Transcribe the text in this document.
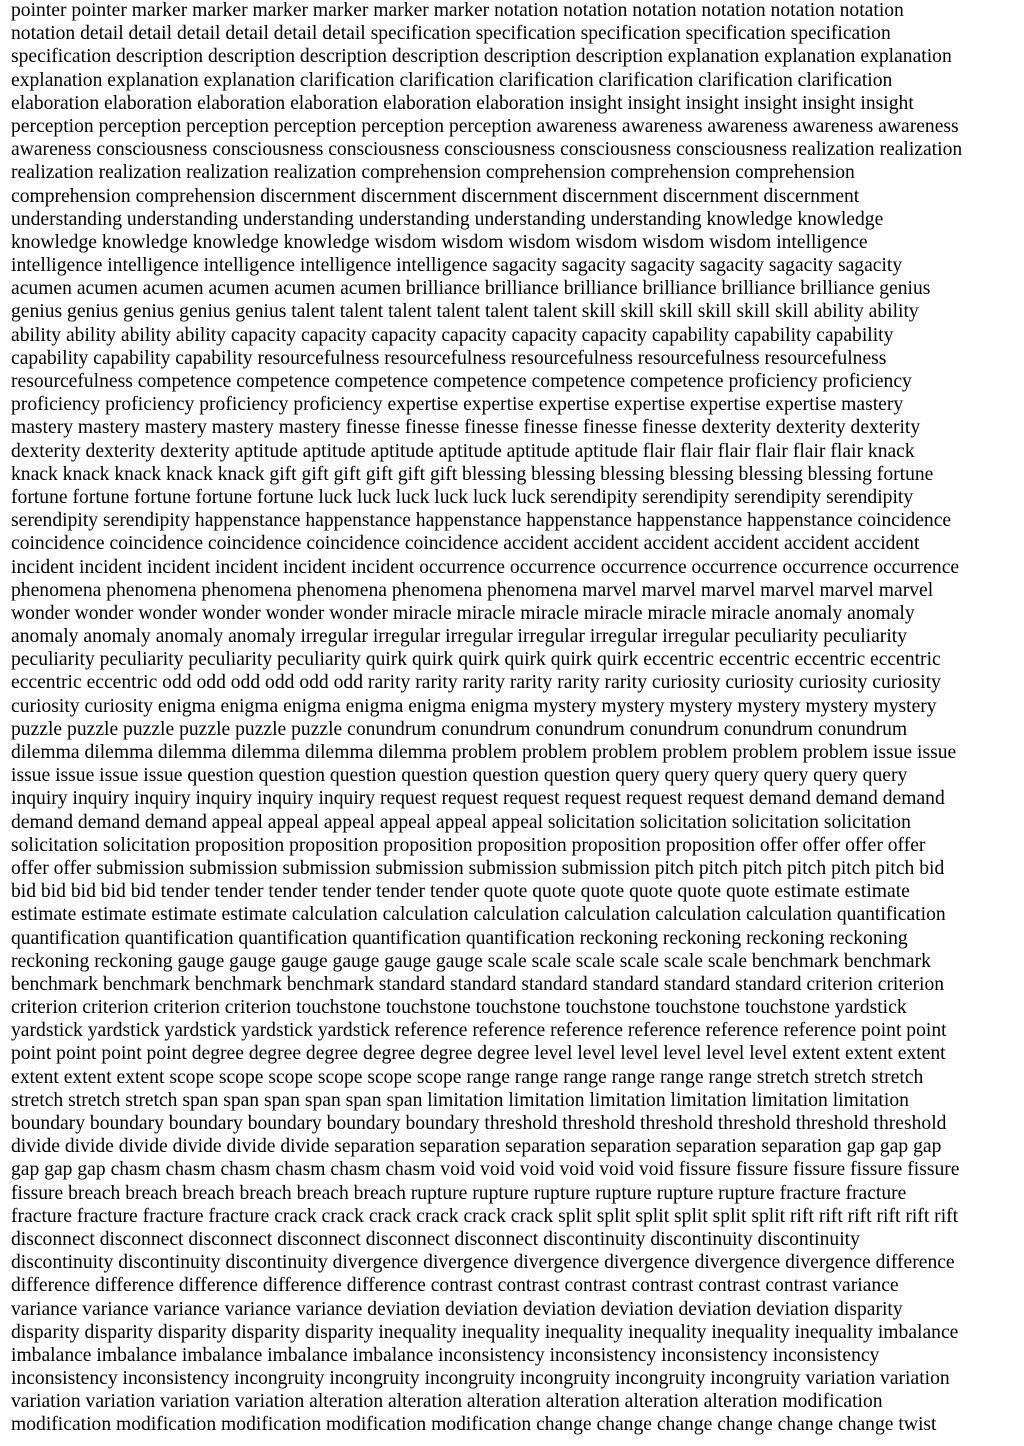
pointer pointer marker marker marker marker marker marker notation notation notation notation notation notation
notation detail detail detail detail detail detail specification specification specification specification specification
specification description description description description description description explanation explanation explanation
explanation explanation explanation clarification clarification clarification clarification clarification clarification
elaboration elaboration elaboration elaboration elaboration elaboration insight insight insight insight insight insight
perception perception perception perception perception perception awareness awareness awareness awareness awareness
awareness consciousness consciousness consciousness consciousness consciousness consciousness realization realization
realization realization realization realization comprehension comprehension comprehension comprehension
comprehension comprehension discernment discernment discernment discernment discernment discernment
understanding understanding understanding understanding understanding understanding knowledge knowledge
knowledge knowledge knowledge knowledge wisdom wisdom wisdom wisdom wisdom wisdom intelligence
intelligence intelligence intelligence intelligence intelligence sagacity sagacity sagacity sagacity sagacity sagacity
acumen acumen acumen acumen acumen acumen brilliance brilliance brilliance brilliance brilliance brilliance genius
genius genius genius genius genius talent talent talent talent talent talent skill skill skill skill skill skill ability ability
ability ability ability ability capacity capacity capacity capacity capacity capacity capability capability capability
capability capability capability resourcefulness resourcefulness resourcefulness resourcefulness resourcefulness
resourcefulness competence competence competence competence competence competence proficiency proficiency
proficiency proficiency proficiency proficiency expertise expertise expertise expertise expertise expertise mastery
mastery mastery mastery mastery mastery finesse finesse finesse finesse finesse finesse dexterity dexterity dexterity
dexterity dexterity dexterity aptitude aptitude aptitude aptitude aptitude aptitude flair flair flair flair flair flair knack
knack knack knack knack knack gift gift gift gift gift gift blessing blessing blessing blessing blessing blessing fortune
fortune fortune fortune fortune fortune luck luck luck luck luck luck serendipity serendipity serendipity serendipity
serendipity serendipity happenstance happenstance happenstance happenstance happenstance happenstance coincidence
coincidence coincidence coincidence coincidence coincidence accident accident accident accident accident accident
incident incident incident incident incident incident occurrence occurrence occurrence occurrence occurrence occurrence
phenomena phenomena phenomena phenomena phenomena phenomena marvel marvel marvel marvel marvel marvel
wonder wonder wonder wonder wonder wonder miracle miracle miracle miracle miracle miracle anomaly anomaly
anomaly anomaly anomaly anomaly irregular irregular irregular irregular irregular irregular peculiarity peculiarity
peculiarity peculiarity peculiarity peculiarity quirk quirk quirk quirk quirk quirk eccentric eccentric eccentric eccentric
eccentric eccentric odd odd odd odd odd odd rarity rarity rarity rarity rarity rarity curiosity curiosity curiosity curiosity
curiosity curiosity enigma enigma enigma enigma enigma enigma mystery mystery mystery mystery mystery mystery
puzzle puzzle puzzle puzzle puzzle puzzle conundrum conundrum conundrum conundrum conundrum conundrum
dilemma dilemma dilemma dilemma dilemma dilemma problem problem problem problem problem problem issue issue
issue issue issue issue question question question question question question query query query query query query
inquiry inquiry inquiry inquiry inquiry inquiry request request request request request request demand demand demand
demand demand demand appeal appeal appeal appeal appeal appeal solicitation solicitation solicitation solicitation
solicitation solicitation proposition proposition proposition proposition proposition proposition offer offer offer offer
offer offer submission submission submission submission submission submission pitch pitch pitch pitch pitch pitch bid
bid bid bid bid bid tender tender tender tender tender tender quote quote quote quote quote quote estimate estimate
estimate estimate estimate estimate calculation calculation calculation calculation calculation calculation quantification
quantification quantification quantification quantification quantification reckoning reckoning reckoning reckoning
reckoning reckoning gauge gauge gauge gauge gauge gauge scale scale scale scale scale scale benchmark benchmark
benchmark benchmark benchmark benchmark standard standard standard standard standard standard criterion criterion
criterion criterion criterion criterion touchstone touchstone touchstone touchstone touchstone touchstone yardstick
yardstick yardstick yardstick yardstick yardstick reference reference reference reference reference reference point point
point point point point degree degree degree degree degree degree level level level level level level extent extent extent
extent extent extent scope scope scope scope scope scope range range range range range range stretch stretch stretch
stretch stretch stretch span span span span span span limitation limitation limitation limitation limitation limitation
boundary boundary boundary boundary boundary boundary threshold threshold threshold threshold threshold threshold
divide divide divide divide divide divide separation separation separation separation separation separation gap gap gap
gap gap gap chasm chasm chasm chasm chasm chasm void void void void void void fissure fissure fissure fissure fissure
fissure breach breach breach breach breach breach rupture rupture rupture rupture rupture rupture fracture fracture
fracture fracture fracture fracture crack crack crack crack crack crack split split split split split split rift rift rift rift rift rift
disconnect disconnect disconnect disconnect disconnect disconnect discontinuity discontinuity discontinuity
discontinuity discontinuity discontinuity divergence divergence divergence divergence divergence divergence difference
difference difference difference difference difference contrast contrast contrast contrast contrast contrast variance
variance variance variance variance variance deviation deviation deviation deviation deviation deviation disparity
disparity disparity disparity disparity disparity inequality inequality inequality inequality inequality inequality imbalance
imbalance imbalance imbalance imbalance imbalance inconsistency inconsistency inconsistency inconsistency
inconsistency inconsistency incongruity incongruity incongruity incongruity incongruity incongruity variation variation
variation variation variation variation alteration alteration alteration alteration alteration alteration modification
modification modification modification modification modification change change change change change change twist
